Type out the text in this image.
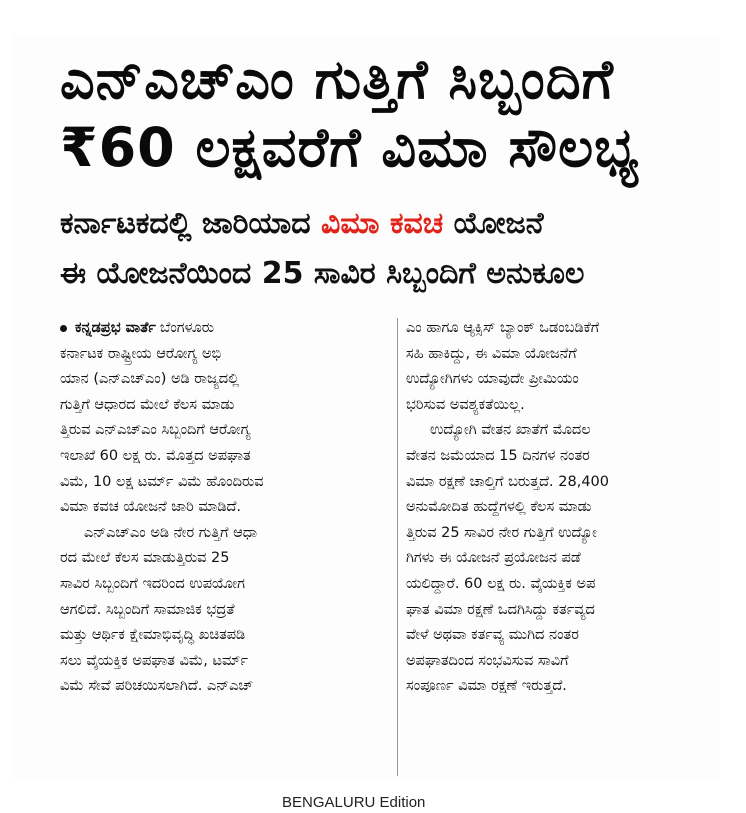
ಎನ್‌ಎಚ್‌ಎಂ ಗುತ್ತಿಗೆ ಸಿಬ್ಬಂದಿಗೆ
₹60 ಲಕ್ಷವರೆಗೆ ವಿಮಾ ಸೌಲಭ್ಯ
ಕರ್ನಾಟಕದಲ್ಲಿ ಜಾರಿಯಾದ ವಿಮಾ ಕವಚ ಯೋಜನೆ
ಈ ಯೋಜನೆಯಿಂದ 25 ಸಾವಿರ ಸಿಬ್ಬಂದಿಗೆ ಅನುಕೂಲ
ಕನ್ನಡಪ್ರಭ ವಾರ್ತೆ ಬೆಂಗಳೂರು
ಕರ್ನಾಟಕ ರಾಷ್ಟ್ರೀಯ ಆರೋಗ್ಯ ಅಭಿ
ಯಾನ (ಎನ್‌ಎಚ್‌ಎಂ) ಅಡಿ ರಾಜ್ಯದಲ್ಲಿ
ಗುತ್ತಿಗೆ ಆಧಾರದ ಮೇಲೆ ಕೆಲಸ ಮಾಡು
ತ್ತಿರುವ ಎನ್‌ಎಚ್‌ಎಂ ಸಿಬ್ಬಂದಿಗೆ ಆರೋಗ್ಯ
ಇಲಾಖೆ 60 ಲಕ್ಷ ರು. ಮೊತ್ತದ ಅಪಘಾತ
ವಿಮೆ, 10 ಲಕ್ಷ ಟರ್ಮ್ ವಿಮೆ ಹೊಂದಿರುವ
ವಿಮಾ ಕವಚ ಯೋಜನೆ ಜಾರಿ ಮಾಡಿದೆ.
ಎನ್‌ಎಚ್‌ಎಂ ಅಡಿ ನೇರ ಗುತ್ತಿಗೆ ಆಧಾ
ರದ ಮೇಲೆ ಕೆಲಸ ಮಾಡುತ್ತಿರುವ 25
ಸಾವಿರ ಸಿಬ್ಬಂದಿಗೆ ಇದರಿಂದ ಉಪಯೋಗ
ಆಗಲಿದೆ. ಸಿಬ್ಬಂದಿಗೆ ಸಾಮಾಜಿಕ ಭದ್ರತೆ
ಮತ್ತು ಆರ್ಥಿಕ ಕ್ಷೇಮಾಭಿವೃದ್ಧಿ ಖಚಿತಪಡಿ
ಸಲು ವೈಯಕ್ತಿಕ ಅಪಘಾತ ವಿಮೆ, ಟರ್ಮ್
ವಿಮೆ ಸೇವೆ ಪರಿಚಯಿಸಲಾಗಿದೆ. ಎನ್‌ಎಚ್
ಎಂ ಹಾಗೂ ಆ್ಯಕ್ಸಿಸ್ ಬ್ಯಾಂಕ್ ಒಡಂಬಡಿಕೆಗೆ
ಸಹಿ ಹಾಕಿದ್ದು, ಈ ವಿಮಾ ಯೋಜನೆಗೆ
ಉದ್ಯೋಗಿಗಳು ಯಾವುದೇ ಪ್ರೀಮಿಯಂ
ಭರಿಸುವ ಅವಶ್ಯಕತೆಯಿಲ್ಲ.
ಉದ್ಯೋಗಿ ವೇತನ ಖಾತೆಗೆ ಮೊದಲ
ವೇತನ ಜಮೆಯಾದ 15 ದಿನಗಳ ನಂತರ
ವಿಮಾ ರಕ್ಷಣೆ ಚಾಲ್ತಿಗೆ ಬರುತ್ತದೆ. 28,400
ಅನುಮೋದಿತ ಹುದ್ದೆಗಳಲ್ಲಿ ಕೆಲಸ ಮಾಡು
ತ್ತಿರುವ 25 ಸಾವಿರ ನೇರ ಗುತ್ತಿಗೆ ಉದ್ಯೋ
ಗಿಗಳು ಈ ಯೋಜನೆ ಪ್ರಯೋಜನ ಪಡೆ
ಯಲಿದ್ದಾರೆ. 60 ಲಕ್ಷ ರು. ವೈಯಕ್ತಿಕ ಅಪ
ಘಾತ ವಿಮಾ ರಕ್ಷಣೆ ಒದಗಿಸಿದ್ದು ಕರ್ತವ್ಯದ
ವೇಳೆ ಅಥವಾ ಕರ್ತವ್ಯ ಮುಗಿದ ನಂತರ
ಅಪಘಾತದಿಂದ ಸಂಭವಿಸುವ ಸಾವಿಗೆ
ಸಂಪೂರ್ಣ ವಿಮಾ ರಕ್ಷಣೆ ಇರುತ್ತದೆ.
BENGALURU Edition
